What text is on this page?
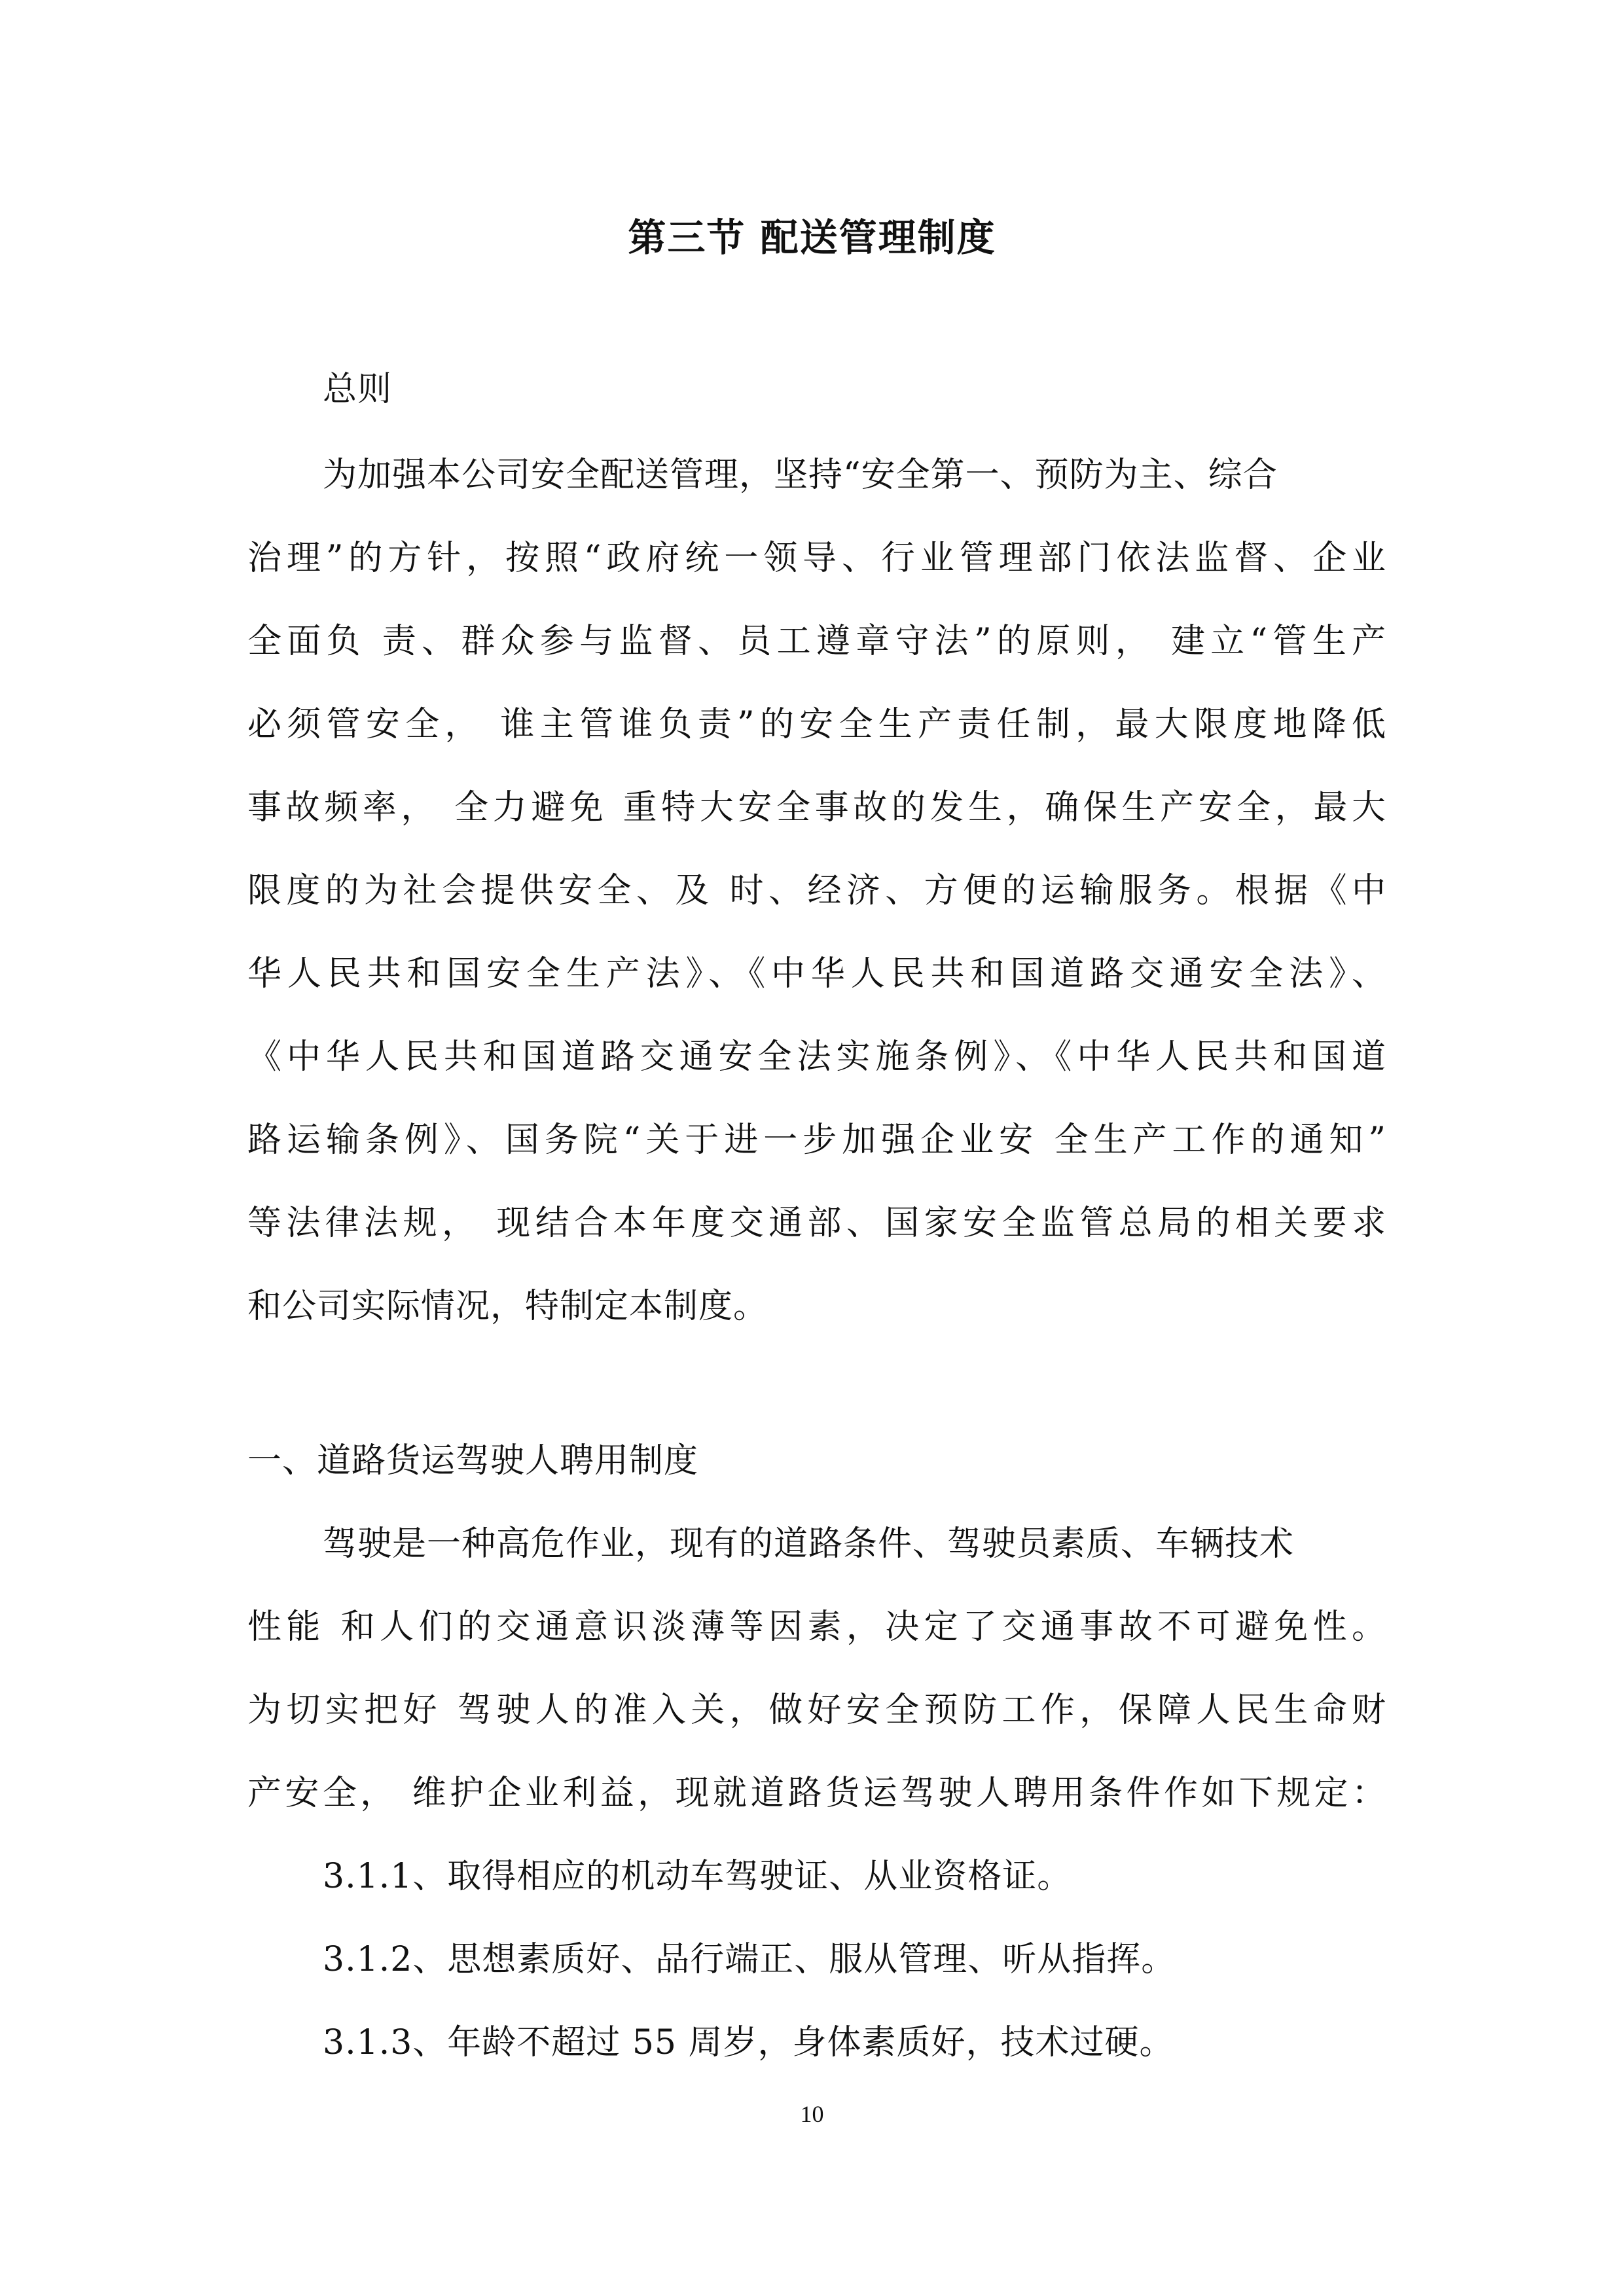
第三节 配送管理制度
总则
为加强本公司安全配送管理，坚持“安全第一、预防为主、综合
治理”的方针，按照“政府统一领导、行业管理部门依法监督、企业
全面负 责、群众参与监督、员工遵章守法”的原则， 建立“管生产
必须管安全， 谁主管谁负责”的安全生产责任制，最大限度地降低
事故频率， 全力避免 重特大安全事故的发生，确保生产安全，最大
限度的为社会提供安全、及 时、经济、方便的运输服务。根据《中
华人民共和国安全生产法》、《中华人民共和国道路交通安全法》、
《中华人民共和国道路交通安全法实施条例》、《中华人民共和国道
路运输条例》、国务院“关于进一步加强企业安 全生产工作的通知”
等法律法规， 现结合本年度交通部、国家安全监管总局的相关要求
和公司实际情况，特制定本制度。
一、道路货运驾驶人聘用制度
驾驶是一种高危作业，现有的道路条件、驾驶员素质、车辆技术
性能 和人们的交通意识淡薄等因素，决定了交通事故不可避免性。
为切实把好 驾驶人的准入关，做好安全预防工作，保障人民生命财
产安全， 维护企业利益，现就道路货运驾驶人聘用条件作如下规定：
3.1.1、取得相应的机动车驾驶证、从业资格证。
3.1.2、思想素质好、品行端正、服从管理、听从指挥。
3.1.3、年龄不超过 55 周岁，身体素质好，技术过硬。
10
